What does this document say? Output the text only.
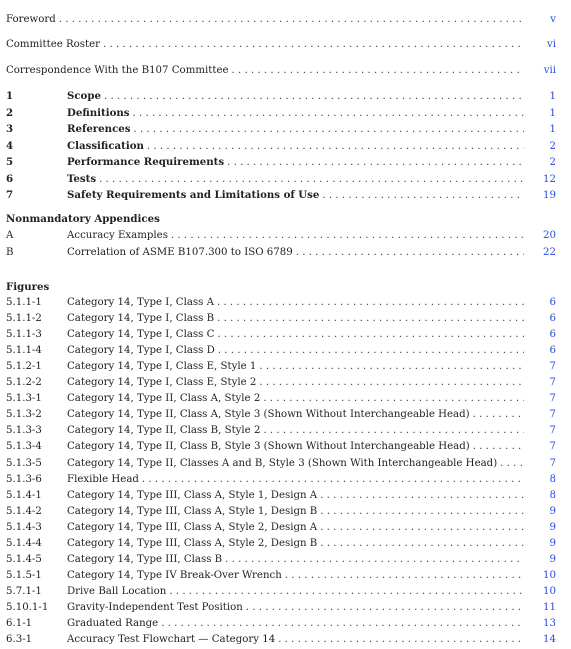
Nonmandatory Appendices
Figures
Foreword . . .	v
Committee Roster . . .	vi
Correspondence With the B107 Committee . . .	vii
1	Scope . . .	1
2	Definitions . . .	1
3	References . . .	1
4	Classification . . .	2
5	Performance Requirements . . .	2
6	Tests . . .	12
7	Safety Requirements and Limitations of Use . . .	19
A	Accuracy Examples . . .	20
B	Correlation of ASME B107.300 to ISO 6789 . . .	22
5.1.1-1	Category 14, Type I, Class A . . .	6
5.1.1-2	Category 14, Type I, Class B . . .	6
5.1.1-3	Category 14, Type I, Class C . . .	6
5.1.1-4	Category 14, Type I, Class D . . .	6
5.1.2-1	Category 14, Type I, Class E, Style 1 . . .	7
5.1.2-2	Category 14, Type I, Class E, Style 2 . . .	7
5.1.3-1	Category 14, Type II, Class A, Style 2 . . .	7
5.1.3-2	Category 14, Type II, Class A, Style 3 (Shown Without Interchangeable Head) . . .	7
5.1.3-3	Category 14, Type II, Class B, Style 2 . . .	7
5.1.3-4	Category 14, Type II, Class B, Style 3 (Shown Without Interchangeable Head) . . .	7
5.1.3-5	Category 14, Type II, Classes A and B, Style 3 (Shown With Interchangeable Head) . . .	7
5.1.3-6	Flexible Head . . .	8
5.1.4-1	Category 14, Type III, Class A, Style 1, Design A . . .	8
5.1.4-2	Category 14, Type III, Class A, Style 1, Design B . . .	9
5.1.4-3	Category 14, Type III, Class A, Style 2, Design A . . .	9
5.1.4-4	Category 14, Type III, Class A, Style 2, Design B . . .	9
5.1.4-5	Category 14, Type III, Class B . . .	9
5.1.5-1	Category 14, Type IV Break-Over Wrench . . .	10
5.7.1-1	Drive Ball Location . . .	10
5.10.1-1	Gravity-Independent Test Position . . .	11
6.1-1	Graduated Range . . .	13
6.3-1	Accuracy Test Flowchart — Category 14 . . .	14
